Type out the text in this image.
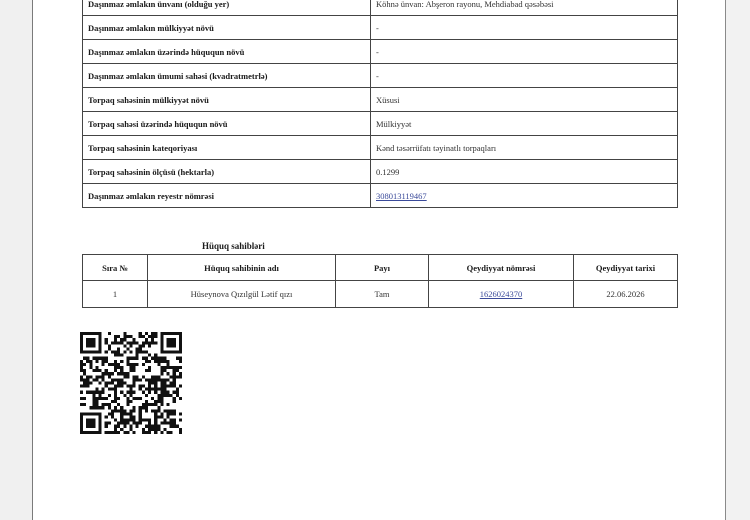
Daşınmaz əmlakın ünvanı (olduğu yer)	Köhnə ünvan: Abşeron rayonu, Mehdiabad qəsəbəsi
Daşınmaz əmlakın mülkiyyət növü	-
Daşınmaz əmlakın üzərində hüququn növü	-
Daşınmaz əmlakın ümumi sahəsi (kvadratmetrlə)	-
Torpaq sahəsinin mülkiyyət növü	Xüsusi
Torpaq sahəsi üzərində hüququn növü	Mülkiyyət
Torpaq sahəsinin kateqoriyası	Kənd təsərrüfatı təyinatlı torpaqları
Torpaq sahəsinin ölçüsü (hektarla)	0.1299
Daşınmaz əmlakın reyestr nömrəsi	308013119467
Hüquq sahibləri
Sıra №	Hüquq sahibinin adı	Payı	Qeydiyyat nömrəsi	Qeydiyyat tarixi
1	Hüseynova Qızılgül Lətif qızı	Tam	1626024370	22.06.2026
